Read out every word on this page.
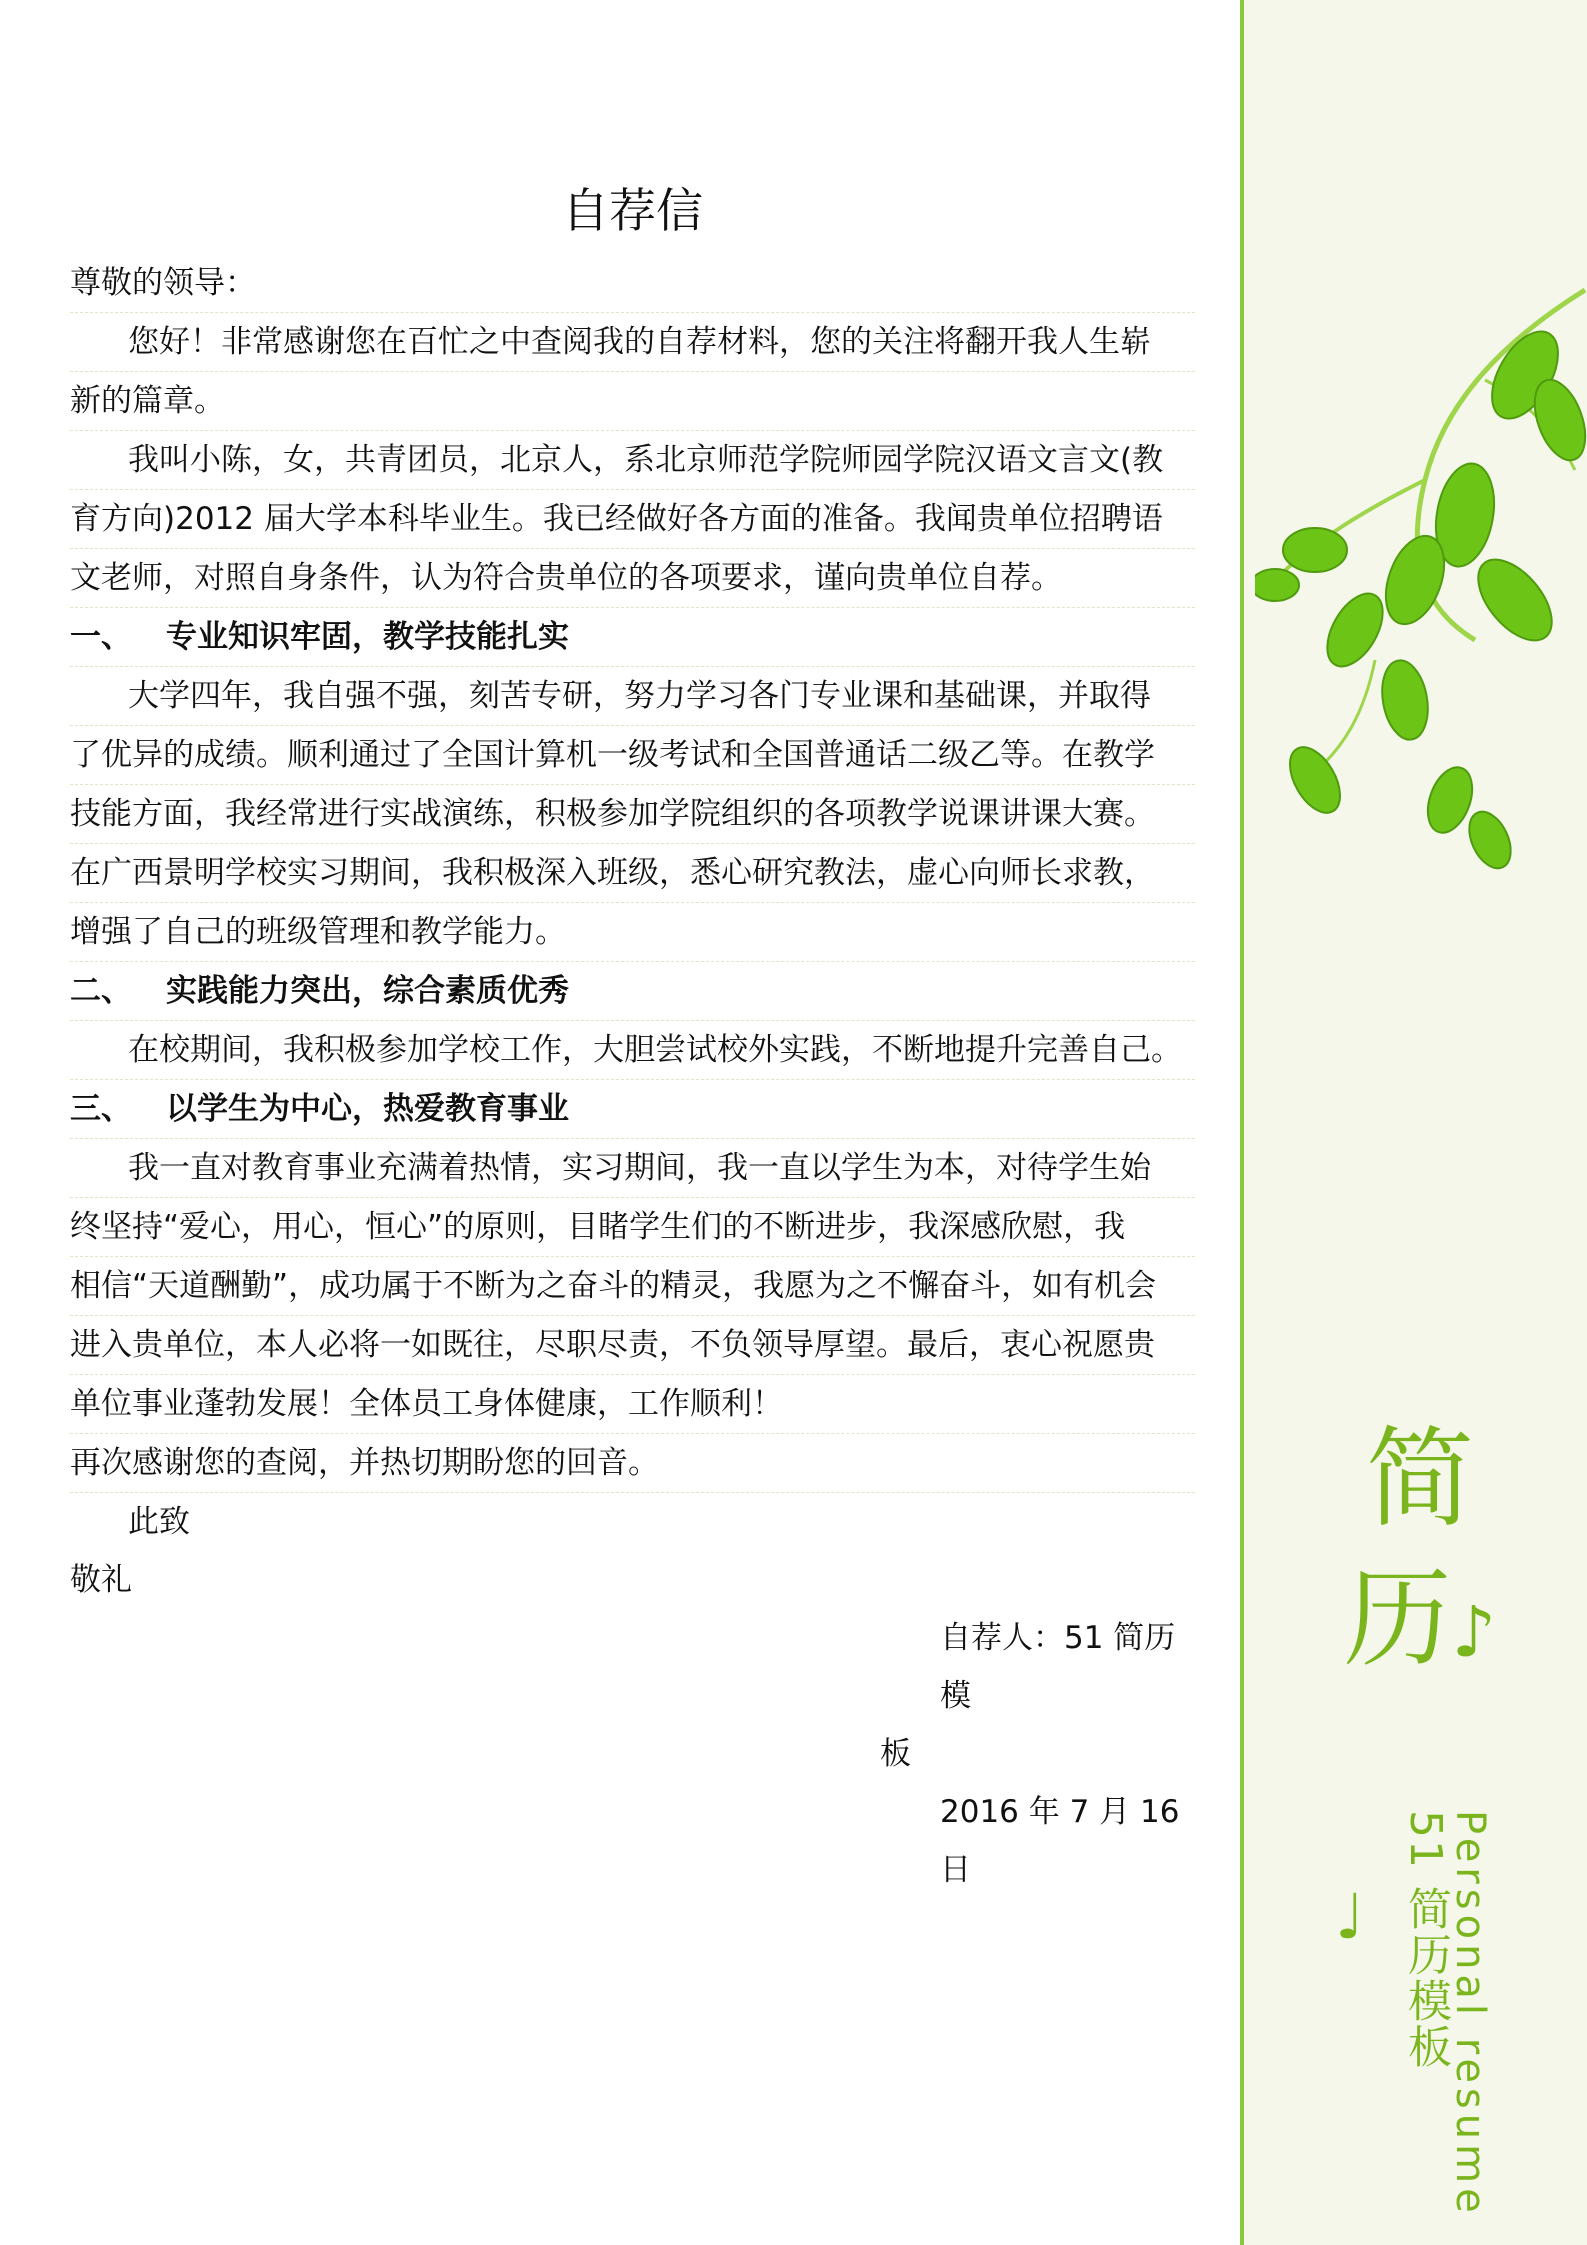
简
历♪
Personal resume
51 简历模板
♩
自荐信

尊敬的领导：

您好！非常感谢您在百忙之中查阅我的自荐材料，您的关注将翻开我人生崭

新的篇章。

我叫小陈，女，共青团员，北京人，系北京师范学院师园学院汉语文言文(教

育方向)2012 届大学本科毕业生。我已经做好各方面的准备。我闻贵单位招聘语

文老师，对照自身条件，认为符合贵单位的各项要求，谨向贵单位自荐。

一、 专业知识牢固，教学技能扎实

大学四年，我自强不强，刻苦专研，努力学习各门专业课和基础课，并取得

了优异的成绩。顺利通过了全国计算机一级考试和全国普通话二级乙等。在教学

技能方面，我经常进行实战演练，积极参加学院组织的各项教学说课讲课大赛。

在广西景明学校实习期间，我积极深入班级，悉心研究教法，虚心向师长求教，

增强了自己的班级管理和教学能力。

二、 实践能力突出，综合素质优秀

在校期间，我积极参加学校工作，大胆尝试校外实践，不断地提升完善自己。

三、 以学生为中心，热爱教育事业

我一直对教育事业充满着热情，实习期间，我一直以学生为本，对待学生始

终坚持“爱心，用心，恒心”的原则，目睹学生们的不断进步，我深感欣慰，我

相信“天道酬勤”，成功属于不断为之奋斗的精灵，我愿为之不懈奋斗，如有机会

进入贵单位，本人必将一如既往，尽职尽责，不负领导厚望。最后，衷心祝愿贵

单位事业蓬勃发展！全体员工身体健康，工作顺利！

再次感谢您的查阅，并热切期盼您的回音。

此致

敬礼

自荐人：51 简历模

板

2016 年 7 月 16 日
